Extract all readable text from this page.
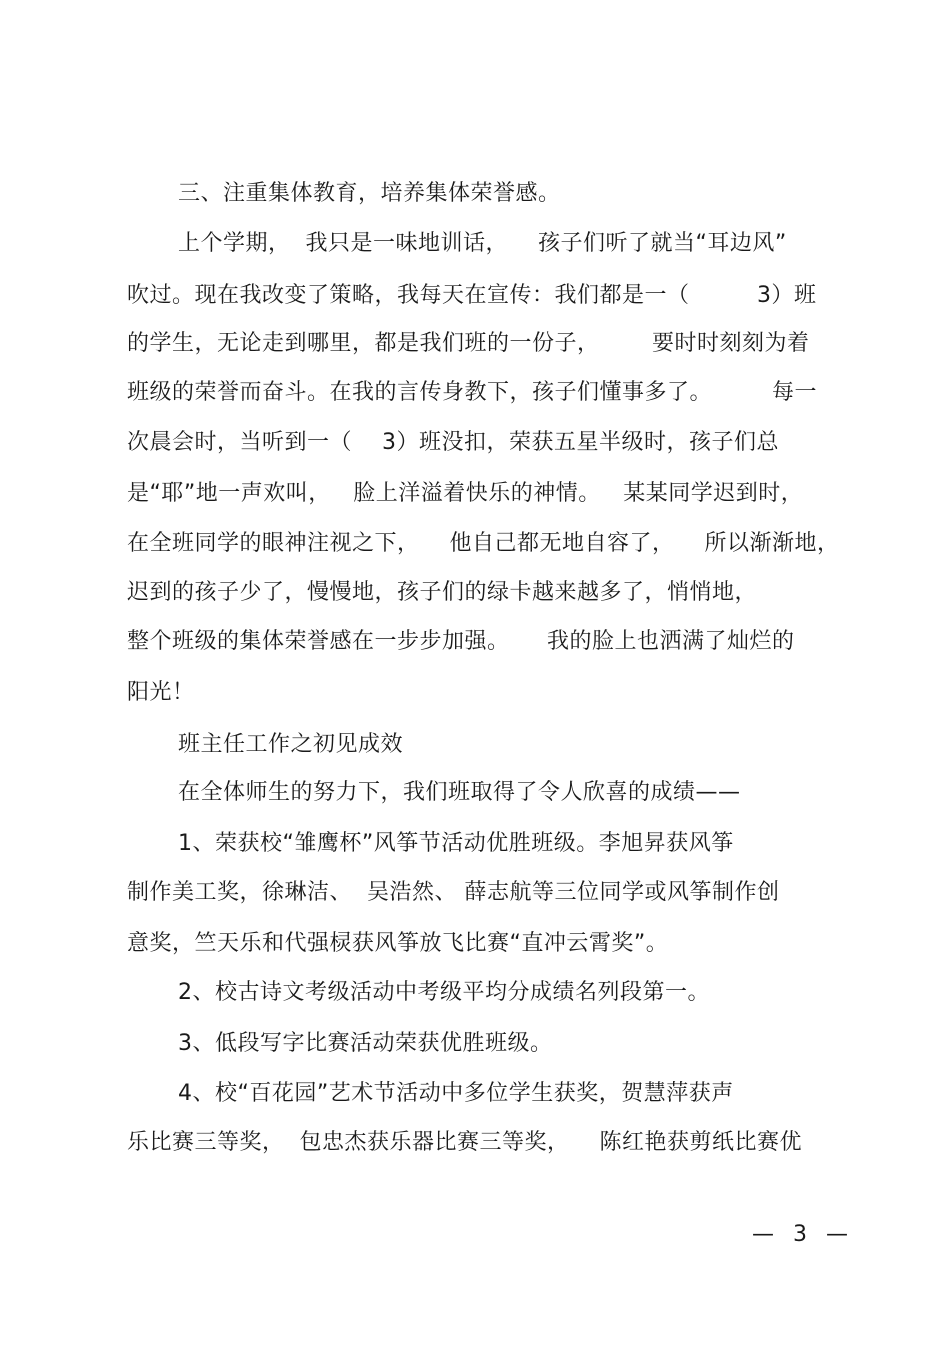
三、注重集体教育，培养集体荣誉感。
上个学期，  我只是一味地训话，    孩子们听了就当“耳边风”
吹过。现在我改变了策略，我每天在宣传：我们都是一（         3）班
的学生，无论走到哪里，都是我们班的一份子，       要时时刻刻为着
班级的荣誉而奋斗。在我的言传身教下，孩子们懂事多了。        每一
次晨会时，当听到一（    3）班没扣，荣获五星半级时，孩子们总
是“耶”地一声欢叫，   脸上洋溢着快乐的神情。   某某同学迟到时，
在全班同学的眼神注视之下，    他自己都无地自容了，    所以渐渐地，
迟到的孩子少了，慢慢地，孩子们的绿卡越来越多了，悄悄地，
整个班级的集体荣誉感在一步步加强。     我的脸上也洒满了灿烂的
阳光！
班主任工作之初见成效
在全体师生的努力下，我们班取得了令人欣喜的成绩——
1、荣获校“雏鹰杯”风筝节活动优胜班级。李旭昇获风筝
制作美工奖，徐琳洁、  吴浩然、 薛志航等三位同学或风筝制作创
意奖，竺天乐和代强棂获风筝放飞比赛“直冲云霄奖”。
2、校古诗文考级活动中考级平均分成绩名列段第一。
3、低段写字比赛活动荣获优胜班级。
4、校“百花园”艺术节活动中多位学生获奖，贺慧萍获声
乐比赛三等奖，  包忠杰获乐器比赛三等奖，    陈红艳获剪纸比赛优
— 3 —
